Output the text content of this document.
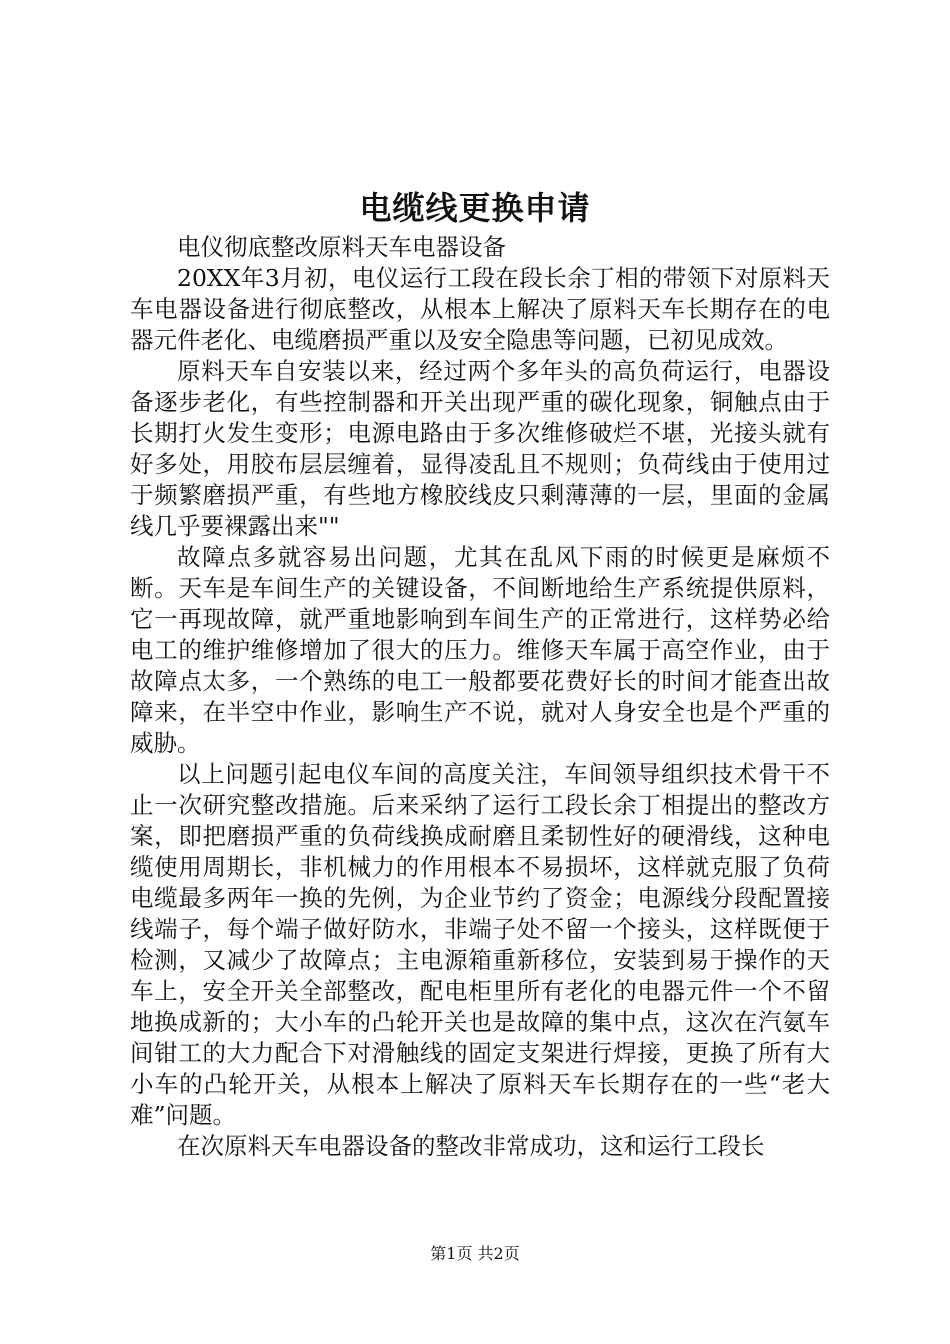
电缆线更换申请

电仪彻底整改原料天车电器设备

20XX年3月初，电仪运行工段在段长余丁相的带领下对原料天车电器设备进行彻底整改，从根本上解决了原料天车长期存在的电器元件老化、电缆磨损严重以及安全隐患等问题，已初见成效。

原料天车自安装以来，经过两个多年头的高负荷运行，电器设备逐步老化，有些控制器和开关出现严重的碳化现象，铜触点由于长期打火发生变形；电源电路由于多次维修破烂不堪，光接头就有好多处，用胶布层层缠着，显得凌乱且不规则；负荷线由于使用过于频繁磨损严重，有些地方橡胶线皮只剩薄薄的一层，里面的金属线几乎要裸露出来""

故障点多就容易出问题，尤其在乱风下雨的时候更是麻烦不断。天车是车间生产的关键设备，不间断地给生产系统提供原料，它一再现故障，就严重地影响到车间生产的正常进行，这样势必给电工的维护维修增加了很大的压力。维修天车属于高空作业，由于故障点太多，一个熟练的电工一般都要花费好长的时间才能查出故障来，在半空中作业，影响生产不说，就对人身安全也是个严重的威胁。

以上问题引起电仪车间的高度关注，车间领导组织技术骨干不止一次研究整改措施。后来采纳了运行工段长余丁相提出的整改方案，即把磨损严重的负荷线换成耐磨且柔韧性好的硬滑线，这种电缆使用周期长，非机械力的作用根本不易损坏，这样就克服了负荷电缆最多两年一换的先例，为企业节约了资金；电源线分段配置接线端子，每个端子做好防水，非端子处不留一个接头，这样既便于检测，又减少了故障点；主电源箱重新移位，安装到易于操作的天车上，安全开关全部整改，配电柜里所有老化的电器元件一个不留地换成新的；大小车的凸轮开关也是故障的集中点，这次在汽氨车间钳工的大力配合下对滑触线的固定支架进行焊接，更换了所有大小车的凸轮开关，从根本上解决了原料天车长期存在的一些“老大难”问题。

在次原料天车电器设备的整改非常成功，这和运行工段长

第1页 共2页
